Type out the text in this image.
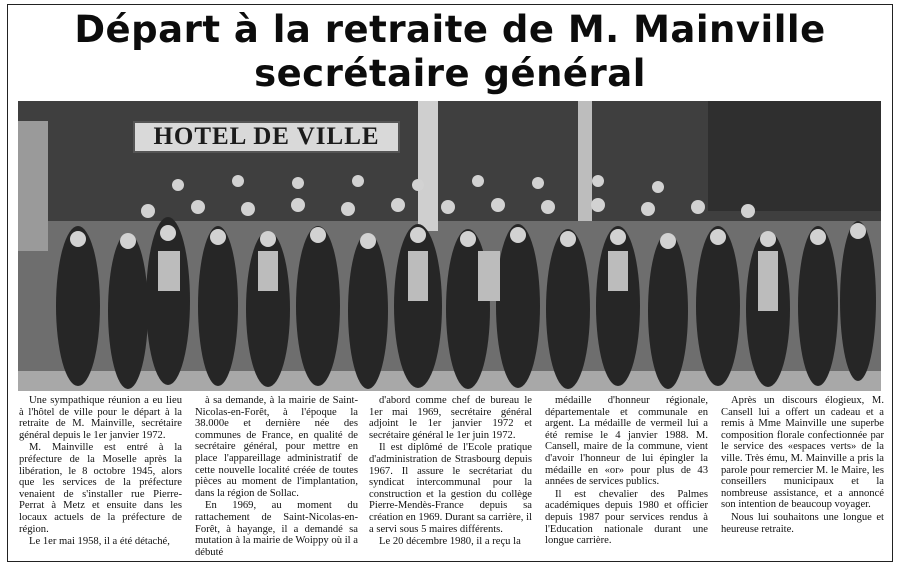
Départ à la retraite de M. Mainville
secrétaire général
HOTEL DE VILLE

Une sympathique réunion a eu lieu à l'hôtel de ville pour le départ à la retraite de M. Mainville, secrétaire général depuis le 1er janvier 1972.

M. Mainville est entré à la préfecture de la Moselle après la libération, le 8 octobre 1945, alors que les services de la préfecture venaient de s'installer rue Pierre-Perrat à Metz et ensuite dans les locaux actuels de la préfecture de région.

Le 1er mai 1958, il a été détaché,

à sa demande, à la mairie de Saint-Nicolas-en-Forêt, à l'époque la 38.000e et dernière née des communes de France, en qualité de secrétaire général, pour mettre en place l'appareillage administratif de cette nouvelle localité créée de toutes pièces au moment de l'implantation, dans la région de Sollac.

En 1969, au moment du rattachement de Saint-Nicolas-en-Forêt, à hayange, il a demandé sa mutation à la mairie de Woippy où il a débuté

d'abord comme chef de bureau le 1er mai 1969, secrétaire général adjoint le 1er janvier 1972 et secrétaire général le 1er juin 1972.

Il est diplômé de l'Ecole pratique d'administration de Strasbourg depuis 1967. Il assure le secrétariat du syndicat intercommunal pour la construction et la gestion du collège Pierre-Mendès-France depuis sa création en 1969. Durant sa carrière, il a servi sous 5 maires différents.

Le 20 décembre 1980, il a reçu la

médaille d'honneur régionale, départementale et communale en argent. La médaille de vermeil lui a été remise le 4 janvier 1988. M. Cansell, maire de la commune, vient d'avoir l'honneur de lui épingler la médaille en «or» pour plus de 43 années de services publics.

Il est chevalier des Palmes académiques depuis 1980 et officier depuis 1987 pour services rendus à l'Education nationale durant une longue carrière.

Après un discours élogieux, M. Cansell lui a offert un cadeau et a remis à Mme Mainville une superbe composition florale confectionnée par le service des «espaces verts» de la ville. Très ému, M. Mainville a pris la parole pour remercier M. le Maire, les conseillers municipaux et la nombreuse assistance, et a annoncé son intention de beaucoup voyager.

Nous lui souhaitons une longue et heureuse retraite.
